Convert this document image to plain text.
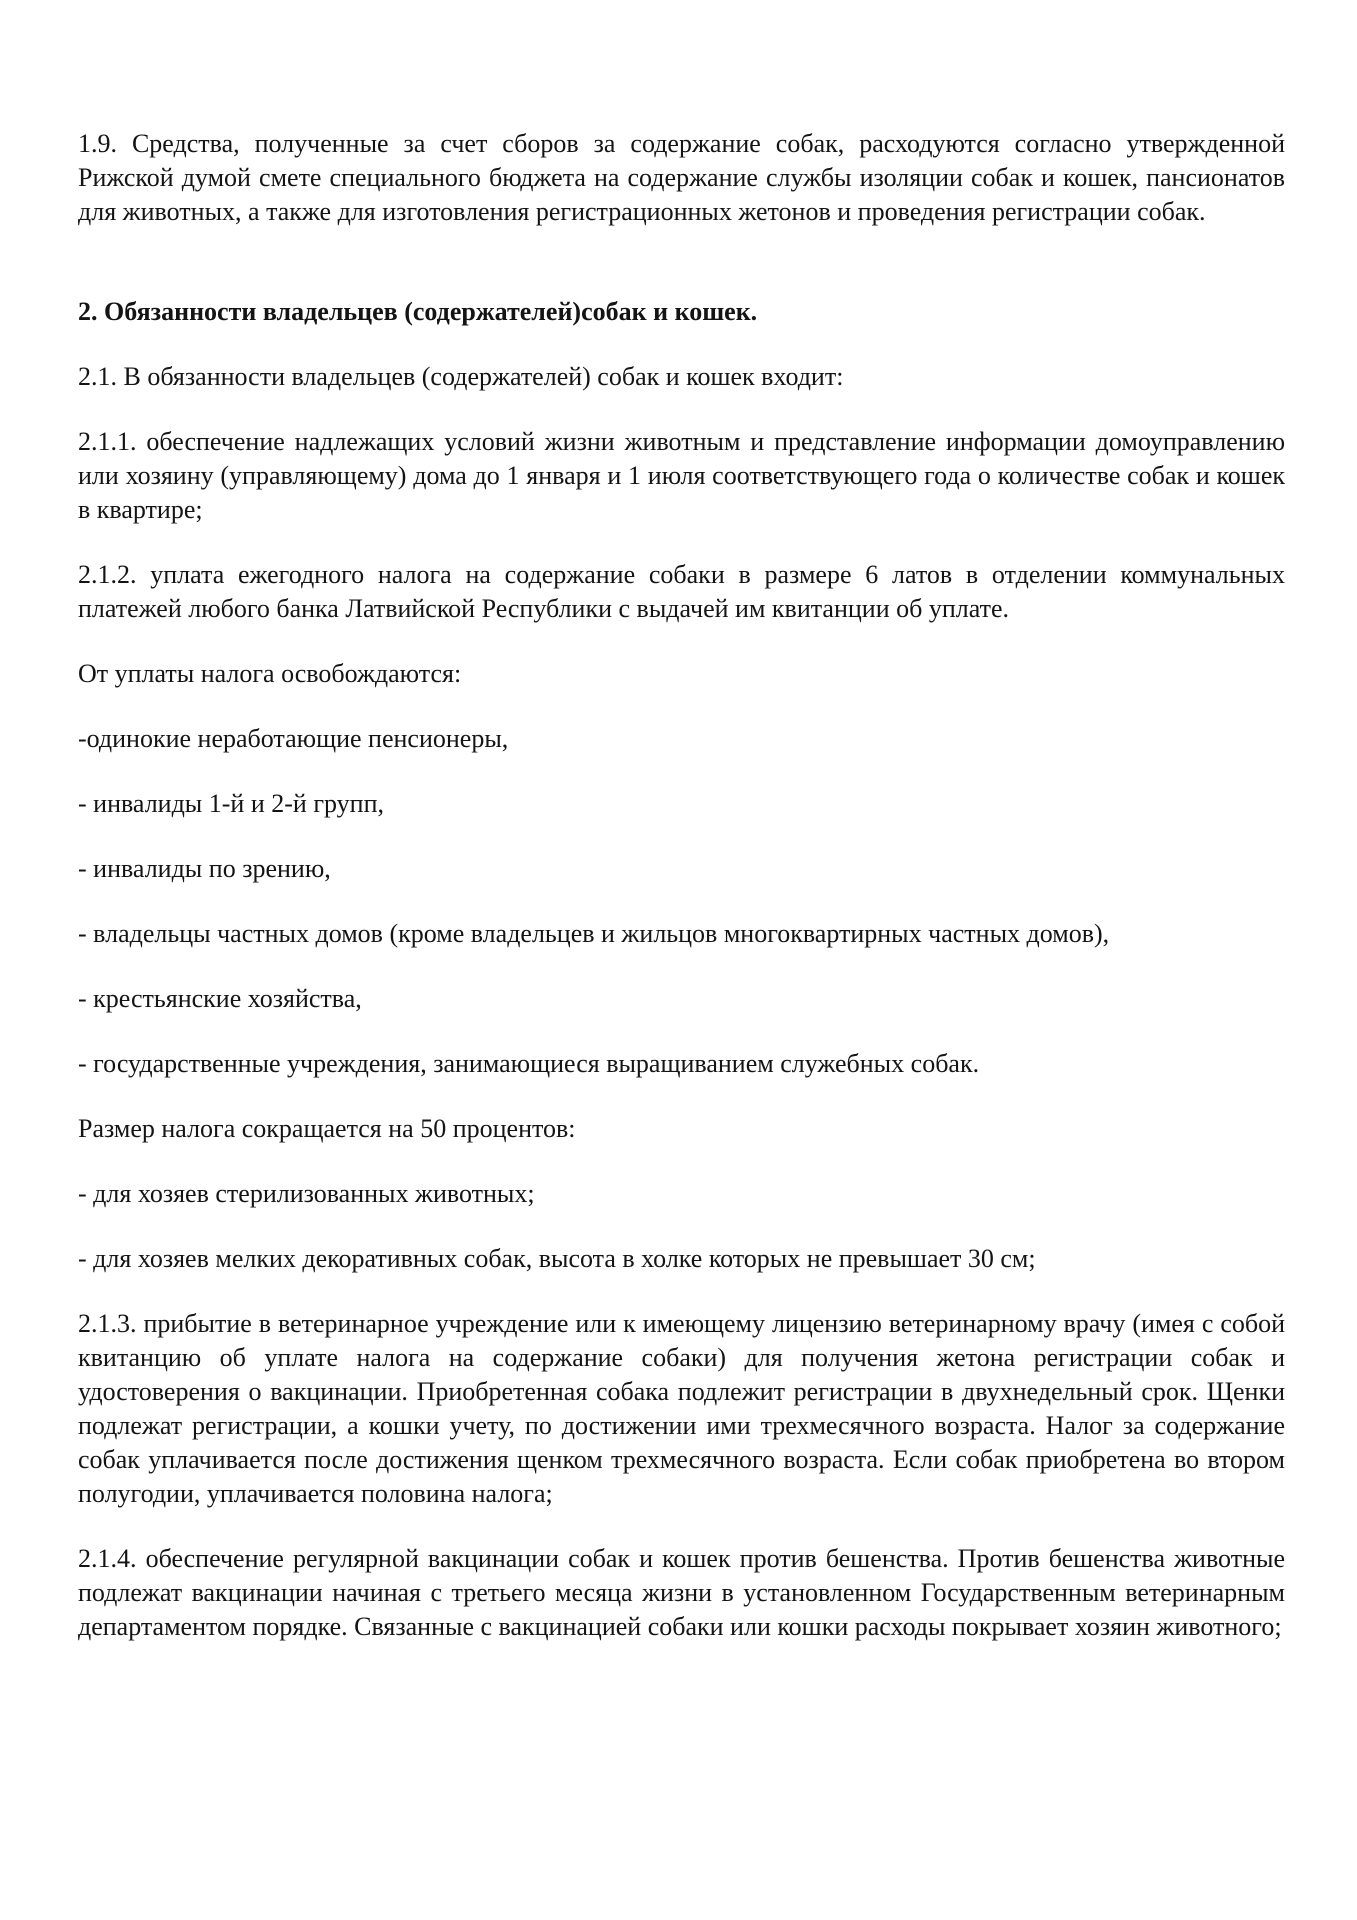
1.9. Средства, полученные за счет сборов за содержание собак, расходуются согласно утвержденной Рижской думой смете специального бюджета на содержание службы изоляции собак и кошек, пансионатов для животных, а также для изготовления регистрационных жетонов и проведения регистрации собак.

2. Обязанности владельцев (содержателей)собак и кошек.

2.1. В обязанности владельцев (содержателей) собак и кошек входит:

2.1.1. обеспечение надлежащих условий жизни животным и представление информации домоуправлению или хозяину (управляющему) дома до 1 января и 1 июля соответствующего года о количестве собак и кошек в квартире;

2.1.2. уплата ежегодного налога на содержание собаки в размере 6 латов в отделении коммунальных платежей любого банка Латвийской Республики с выдачей им квитанции об уплате.

От уплаты налога освобождаются:

-одинокие неработающие пенсионеры,

- инвалиды 1-й и 2-й групп,

- инвалиды по зрению,

- владельцы частных домов (кроме владельцев и жильцов многоквартирных частных домов),

- крестьянские хозяйства,

- государственные учреждения, занимающиеся выращиванием служебных собак.

Размер налога сокращается на 50 процентов:

- для хозяев стерилизованных животных;

- для хозяев мелких декоративных собак, высота в холке которых не превышает 30 см;

2.1.3. прибытие в ветеринарное учреждение или к имеющему лицензию ветеринарному врачу (имея с собой квитанцию об уплате налога на содержание собаки) для получения жетона регистрации собак и удостоверения о вакцинации. Приобретенная собака подлежит регистрации в двухнедельный срок. Щенки подлежат регистрации, а кошки учету, по достижении ими трехмесячного возраста. Налог за содержание собак уплачивается после достижения щенком трехмесячного возраста. Если собак приобретена во втором полугодии, уплачивается половина налога;

2.1.4. обеспечение регулярной вакцинации собак и кошек против бешенства. Против бешенства животные подлежат вакцинации начиная с третьего месяца жизни в установленном Государственным ветеринарным департаментом порядке. Связанные с вакцинацией собаки или кошки расходы покрывает хозяин животного;
